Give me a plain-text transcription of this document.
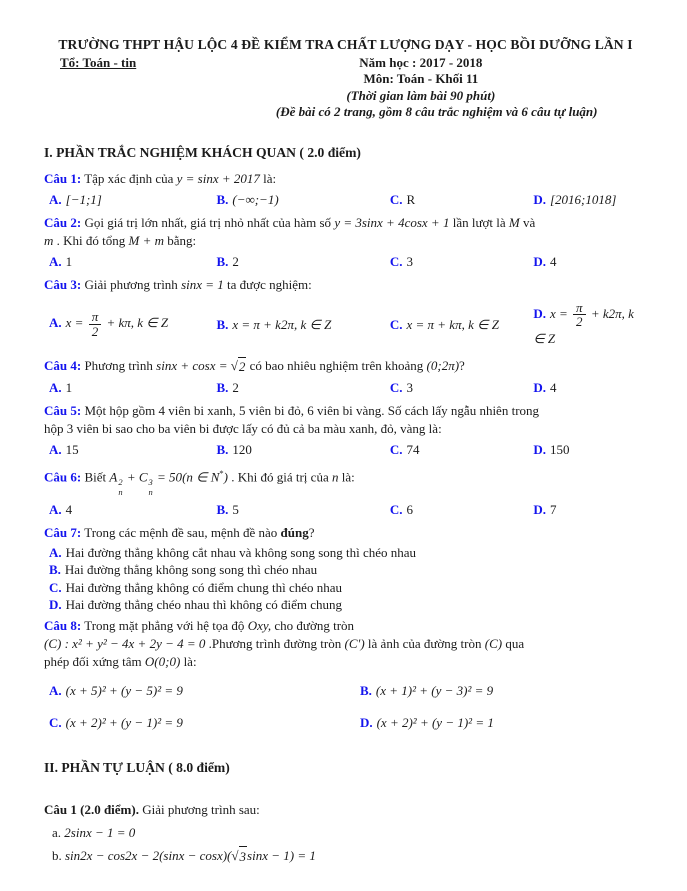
TRƯỜNG THPT HẬU LỘC 4 ĐỀ KIỂM TRA CHẤT LƯỢNG DẠY - HỌC BỒI DƯỠNG LẦN I
Tổ: Toán - tin	Năm học : 2017 - 2018
Môn: Toán - Khối 11
(Thời gian làm bài 90 phút)
(Đề bài có 2 trang, gồm 8 câu trắc nghiệm và 6 câu tự luận)
I. PHẦN TRẮC NGHIỆM KHÁCH QUAN ( 2.0 điểm)

Câu 1: Tập xác định của y = sinx + 2017 là:

A. [−1;1]	B. (−∞;−1)	C. R	D. [2016;1018]

Câu 2: Gọi giá trị lớn nhất, giá trị nhỏ nhất của hàm số y = 3sinx + 4cosx + 1 lần lượt là M và
m . Khi đó tổng M + m bằng:

A. 1	B. 2	C. 3	D. 4

Câu 3: Giải phương trình sinx = 1 ta được nghiệm:

A. $x = \frac{\pi}{2} + k\pi$, k ∈ Z	B. x = π + k2π, k ∈ Z	C. x = π + kπ, k ∈ Z
D. $x = \frac{\pi}{2} + k2\pi$, k ∈ Z

Câu 4: Phương trình sinx + cosx = √ 2 có bao nhiêu nghiệm trên khoảng (0;2π)?

A. 1	B. 2	C. 3	D. 4

Câu 5: Một hộp gồm 4 viên bi xanh, 5 viên bi đỏ, 6 viên bi vàng. Số cách lấy ngẫu nhiên trong
hộp 3 viên bi sao cho ba viên bi được lấy có đủ cả ba màu xanh, đỏ, vàng là:

A. 15	B. 120	C. 74	D. 150

Câu 6: Biết A 2
n
+ C 3
n
= 50(n ∈ N*) . Khi đó giá trị của n là:

A. 4	B. 5	C. 6	D. 7

Câu 7: Trong các mệnh đề sau, mệnh đề nào đúng?

A. Hai đường thẳng không cắt nhau và không song song thì chéo nhau
B. Hai đường thẳng không song song thì chéo nhau
C. Hai đường thẳng không có điểm chung thì chéo nhau
D. Hai đường thẳng chéo nhau thì không có điểm chung

Câu 8: Trong mặt phẳng với hệ tọa độ Oxy, cho đường tròn
(C) : x² + y² − 4x + 2y − 4 = 0 .Phương trình đường tròn (C′) là ảnh của đường tròn (C) qua
phép đối xứng tâm O(0;0) là:

A. (x + 5)² + (y − 5)² = 9	B. (x + 1)² + (y − 3)² = 9
C. (x + 2)² + (y − 1)² = 9	D. (x + 2)² + (y − 1)² = 1
II. PHẦN TỰ LUẬN ( 8.0 điểm)

Câu 1 (2.0 điểm). Giải phương trình sau:

a. 2sinx − 1 = 0

b. sin2x − cos2x − 2(sinx − cosx)( √ 3 sinx − 1) = 1
